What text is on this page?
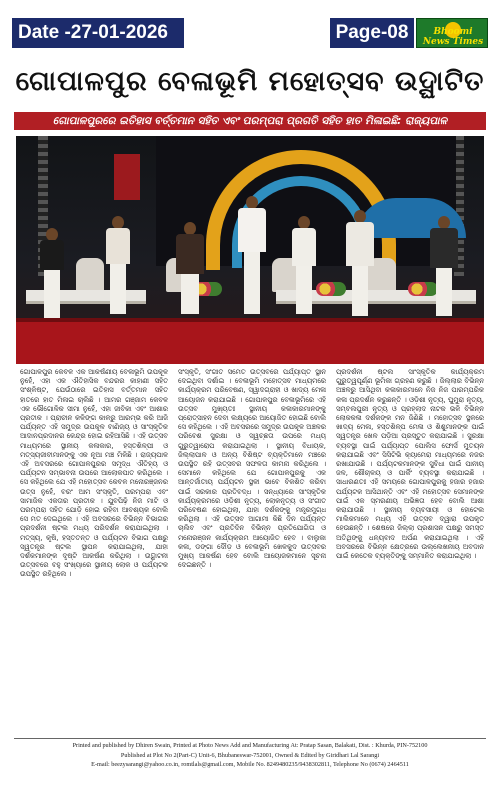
Date -27-01-2026	Page-08	Bhoomi News Times
ଗୋପାଳପୁର ବେଳାଭୂମି ମହୋତ୍ସବ ଉଦ୍ଘାଟିତ
ଗୋପାଳପୁରରେ ଇତିହାସ ବର୍ତ୍ତମାନ ସହିତ ଏବଂ ପରମ୍ପରା ପ୍ରଗତି ସହିତ ହାତ ମିଳାଇଛି: ରାଜ୍ୟପାଳ
ଗୋପାଳପୁର କେବଳ ଏକ ଆକର୍ଷଣୀୟ ବେଳାଭୂମି ଉପକୂଳ ନୁହେଁ, ଏହା ଏକ ଐତିହାସିକ ବନ୍ଦରର କାହାଣୀ ସହିତ ସଂଶ୍ଳିଷ୍ଟ, ଯେଉଁଠାରେ ଇତିହାସ ବର୍ତ୍ତମାନ ସହିତ ହାତରେ ହାତ ମିଳାଇ ଚାଲିଛି । ଆମର ଗଞ୍ଜାମ କେବଳ ଏକ ଭୌଗୋଳିକ ସୀମା ନୁହେଁ, ଏହା ଜୀବିକା ଏବଂ ଆଶାର ପ୍ରତୀକ । ପ୍ରାଚୀନ କଳିଙ୍ଗ କାଳରୁ ଆରମ୍ଭ କରି ଆଜି ପର୍ଯ୍ୟନ୍ତ ଏହି ସମୁଦ୍ର ଉପକୂଳ ବାଣିଜ୍ୟ ଓ ସାଂସ୍କୃତିକ ଆଦାନପ୍ରଦାନର କେନ୍ଦ୍ର ହୋଇ ରହିଆସିଛି । ଏହି ଉତ୍ସବ ମାଧ୍ୟମରେ ସ୍ଥାନୀୟ କଳାକାର, ହସ୍ତଶିଳ୍ପୀ ଓ ମତ୍ସ୍ୟଜୀବୀମାନଙ୍କୁ ଏକ ନୂଆ ମଞ୍ଚ ମିଳିଛି । ରାଜ୍ୟପାଳ ଏହି ଅବସରରେ ଗୋପାଳପୁରର ସମୃଦ୍ଧ ଐତିହ୍ୟ ଓ ପର୍ଯ୍ୟଟନ ସମ୍ଭାବନା ଉପରେ ଆଲୋକପାତ କରିଥିଲେ । ସେ କହିଥିଲେ ଯେ ଏହି ମହୋତ୍ସବ କେବଳ ମନୋରଞ୍ଜନର ଉତ୍ସ ନୁହେଁ, ବରଂ ଆମ ସଂସ୍କୃତି, ପରମ୍ପରା ଏବଂ ସାମାଜିକ ଏକତାର ପ୍ରତୀକ । ଯୁବପିଢ଼ି ନିଜ ମାଟି ଓ ପରମ୍ପରା ସହିତ ଯୋଡ଼ି ହୋଇ ରହିବା ଆବଶ୍ୟକ ବୋଲି ସେ ମତ ଦେଇଥିଲେ । ଏହି ଅବସରରେ ବିଭିନ୍ନ ବିଭାଗର ପ୍ରଦର୍ଶନୀ ଷ୍ଟଲ ମଧ୍ୟ ପରିଦର୍ଶନ କରାଯାଇଥିଲା । ମତ୍ସ୍ୟ, କୃଷି, ହସ୍ତତନ୍ତ ଓ ପର୍ଯ୍ୟଟନ ବିଭାଗ ପକ୍ଷରୁ ସ୍ୱତନ୍ତ୍ର ଷ୍ଟଲ ସ୍ଥାପନ କରାଯାଇଥିଲା, ଯାହା ଦର୍ଶକମାନଙ୍କ ଦୃଷ୍ଟି ଆକର୍ଷଣ କରିଥିଲା । ଉଦ୍ଘାଟନୀ ଉତ୍ସବରେ ବହୁ ସଂଖ୍ୟାରେ ସ୍ଥାନୀୟ ଲୋକ ଓ ପର୍ଯ୍ୟଟକ ଉପସ୍ଥିତ ରହିଥିଲେ ।
ସଂସ୍କୃତି, ସଂଗୀତ ସମେତ ଉତ୍ସବରେ ପର୍ଯ୍ୟାପ୍ତ ସ୍ଥାନ ଦେଇଥିବା ଦର୍ଶାଇ । ବେଳାଭୂମି ମହୋତ୍ସବ ମାଧ୍ୟମରେ କାର୍ଯ୍ୟକ୍ରମ ପରିବେଷଣ, ସ୍ୱାଦଗ୍ରାହୀ ଓ ଖାଦ୍ୟ ମେଳା ଆୟୋଜନ କରାଯାଇଛି । ଗୋପାଳପୁର ବେଳାଭୂମିରେ ଏହି ଉତ୍ସବ ମୁଖ୍ୟତଃ ସ୍ଥାନୀୟ କଳାକାରମାନଙ୍କୁ ପ୍ରୋତ୍ସାହନ ଦେବା ଲକ୍ଷ୍ୟରେ ଆୟୋଜିତ ହୋଇଛି ବୋଲି ସେ କହିଥିଲେ । ଏହି ଅବସରରେ ସମୁଦ୍ର ଉପକୂଳ ଅଞ୍ଚଳର ପରିବେଶ ସୁରକ୍ଷା ଓ ସ୍ୱଚ୍ଛତା ଉପରେ ମଧ୍ୟ ଗୁରୁତ୍ୱାରୋପ କରାଯାଇଥିଲା । ସ୍ଥାନୀୟ ବିଧାୟକ, ଜିଲ୍ଲାପାଳ ଓ ଅନ୍ୟ ବିଶିଷ୍ଟ ବ୍ୟକ୍ତିମାନେ ମଞ୍ଚରେ ଉପସ୍ଥିତ ରହି ଉତ୍ସବର ସଫଳତା କାମନା କରିଥିଲେ । ସେମାନେ କହିଥିଲେ ଯେ ଗୋପାଳପୁରକୁ ଏକ ଆନ୍ତର୍ଜାତୀୟ ପର୍ଯ୍ୟଟନ ସ୍ଥଳୀ ଭାବେ ବିକଶିତ କରିବା ପାଇଁ ସରକାର ପ୍ରତିବଦ୍ଧ । ସନ୍ଧ୍ୟାରେ ସାଂସ୍କୃତିକ କାର୍ଯ୍ୟକ୍ରମରେ ଓଡ଼ିଶୀ ନୃତ୍ୟ, ଲୋକନୃତ୍ୟ ଓ ସଂଗୀତ ପରିବେଷଣ ହୋଇଥିଲା, ଯାହା ଦର୍ଶକଙ୍କୁ ମନ୍ତ୍ରମୁଗ୍ଧ କରିଥିଲା । ଏହି ଉତ୍ସବ ଆଗାମୀ କିଛି ଦିନ ପର୍ଯ୍ୟନ୍ତ ଚାଲିବ ଏବଂ ପ୍ରତିଦିନ ବିଭିନ୍ନ ପ୍ରତିଯୋଗିତା ଓ ମନୋରଞ୍ଜନ କାର୍ଯ୍ୟକ୍ରମ ଆୟୋଜିତ ହେବ । ବାଲୁକା କଳା, ଡଙ୍ଗା ଦୌଡ଼ ଓ ବେଳାଭୂମି ଖେଳକୁଦ ଉତ୍ସବର ମୁଖ୍ୟ ଆକର୍ଷଣ ହେବ ବୋଲି ଆୟୋଜକମାନେ ସୂଚନା ଦେଇଛନ୍ତି ।
ପ୍ରଦର୍ଶନୀ ଷ୍ଟଲ ସାଂସ୍କୃତିକ କାର୍ଯ୍ୟକ୍ରମ ଗୁରୁତ୍ୱପୂର୍ଣ୍ଣ ଭୂମିକା ଗ୍ରହଣ କରୁଛି । ଜିଲ୍ଲାର ବିଭିନ୍ନ ଅଞ୍ଚଳରୁ ଆସିଥିବା କଳାକାରମାନେ ନିଜ ନିଜ ପାରମ୍ପରିକ କଳା ପ୍ରଦର୍ଶନ କରୁଛନ୍ତି । ଓଡ଼ିଶୀ ନୃତ୍ୟ, ଘୁମୁରା ନୃତ୍ୟ, ସମ୍ବଲପୁରୀ ନୃତ୍ୟ ଓ ପ୍ରହ୍ଲାଦ ନାଟକ ଭଳି ବିଭିନ୍ନ ଲୋକକଳା ଦର୍ଶକଙ୍କ ମନ ଜିଣିଛି । ମହୋତ୍ସବ ସ୍ଥଳରେ ଖାଦ୍ୟ ମେଳା, ହସ୍ତଶିଳ୍ପ ମେଳା ଓ ଶିଶୁମାନଙ୍କ ପାଇଁ ସ୍ୱତନ୍ତ୍ର ଖେଳ ପଡ଼ିଆ ପ୍ରସ୍ତୁତ କରାଯାଇଛି । ସୁରକ୍ଷା ବ୍ୟବସ୍ଥା ପାଇଁ ପର୍ଯ୍ୟାପ୍ତ ପୋଲିସ ଫୋର୍ସ ମୁତୟନ କରାଯାଇଛି ଏବଂ ସିସିଟିଭି କ୍ୟାମେରା ମାଧ୍ୟମରେ ନଜର ରଖାଯାଉଛି । ପର୍ଯ୍ୟଟକମାନଙ୍କ ସୁବିଧା ପାଇଁ ପାନୀୟ ଜଳ, ଶୌଚାଳୟ ଓ ପାର୍କିଂ ବ୍ୟବସ୍ଥା କରାଯାଇଛି । ସାଧାରଣତଃ ଏହି ସମୟରେ ଗୋପାଳପୁରକୁ ହଜାର ହଜାର ପର୍ଯ୍ୟଟକ ଆସିଥାନ୍ତି ଏବଂ ଏହି ମହୋତ୍ସବ ସେମାନଙ୍କ ପାଇଁ ଏକ ସ୍ମରଣୀୟ ଅଭିଜ୍ଞତା ହେବ ବୋଲି ଆଶା କରାଯାଉଛି । ସ୍ଥାନୀୟ ବ୍ୟବସାୟୀ ଓ ହୋଟେଲ ମାଲିକମାନେ ମଧ୍ୟ ଏହି ଉତ୍ସବ ଦ୍ୱାରା ଉପକୃତ ହେଉଛନ୍ତି । ଶେଷରେ ଜିଲ୍ଲା ପ୍ରଶାସନ ପକ୍ଷରୁ ସମସ୍ତ ଅତିଥିଙ୍କୁ ଧନ୍ୟବାଦ ଅର୍ପଣ କରାଯାଇଥିଲା । ଏହି ଅବସରରେ ବିଭିନ୍ନ କ୍ଷେତ୍ରରେ ଉଲ୍ଲେଖନୀୟ ଅବଦାନ ପାଇଁ କେତେକ ବ୍ୟକ୍ତିଙ୍କୁ ସମ୍ମାନିତ କରାଯାଇଥିଲା ।
Printed and published by Dhiren Swain, Printed at Photo News Add and Manufacturing At: Pratap Sasan, Balakati, Dist. : Khurda, PIN-752100
Published at Plot No 2(Part-C) Unit-6, Bhubaneswar-752001, Owned & Edited by Giridhari Lal Sarangi
E-mail: beezysarangi@yahoo.co.in, romtlals@gmail.com, Mobile No. 8249480235/9438302811, Telephone No (0674) 2464511
